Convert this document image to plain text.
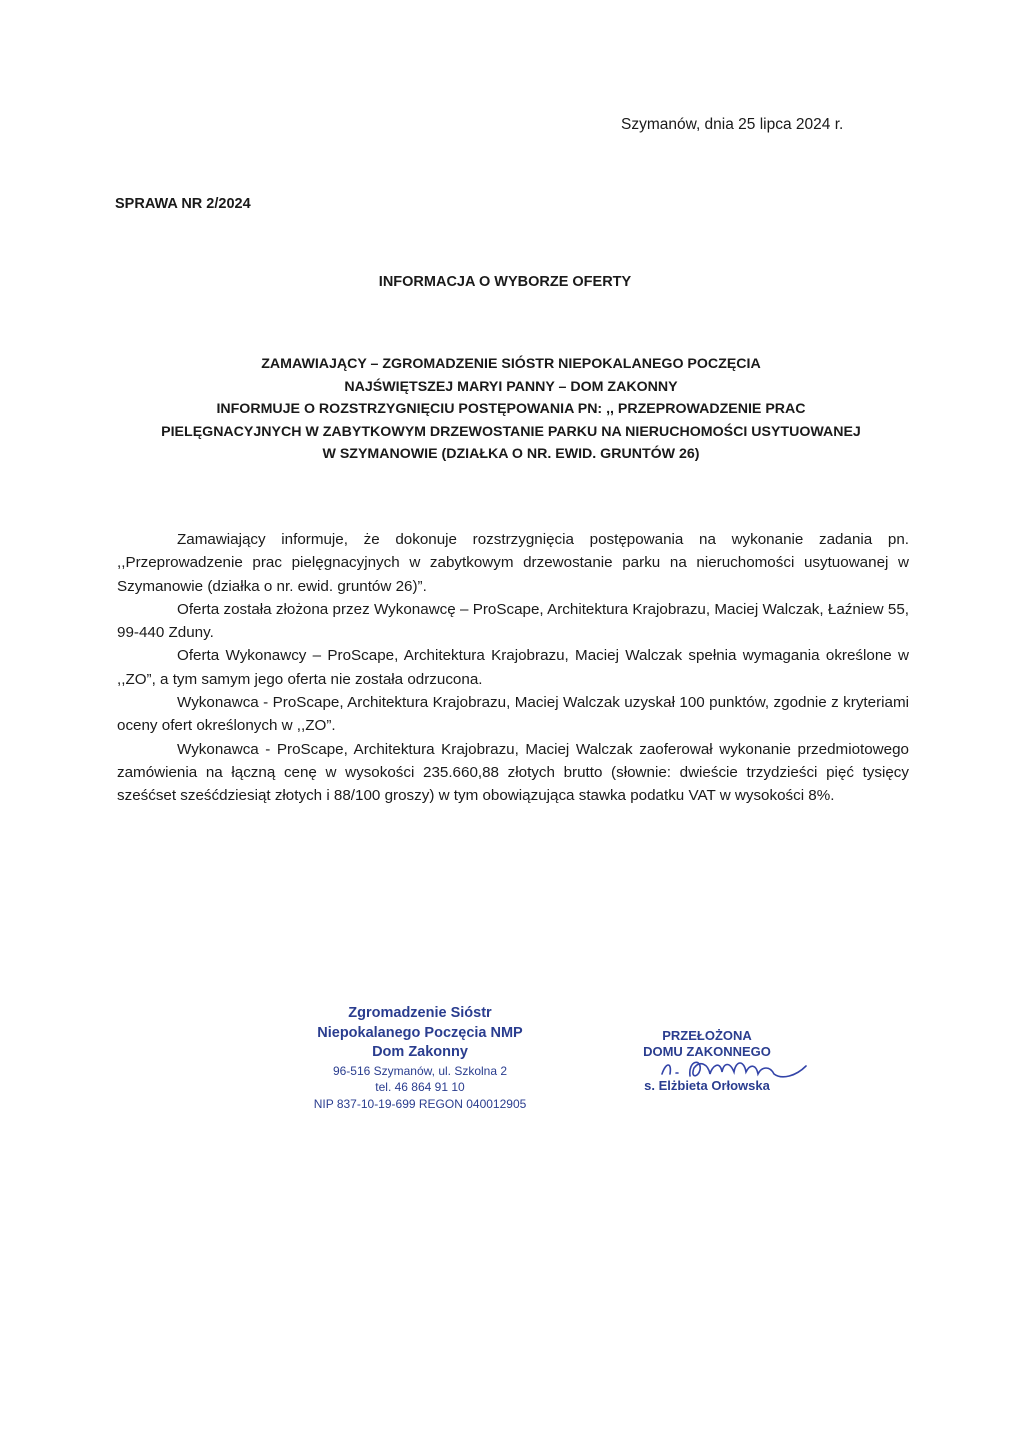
Szymanów, dnia 25 lipca 2024 r.
SPRAWA NR 2/2024
INFORMACJA O WYBORZE OFERTY
ZAMAWIAJĄCY – ZGROMADZENIE SIÓSTR NIEPOKALANEGO POCZĘCIA
NAJŚWIĘTSZEJ MARYI PANNY – DOM ZAKONNY
INFORMUJE O ROZSTRZYGNIĘCIU POSTĘPOWANIA PN: ,, PRZEPROWADZENIE PRAC
PIELĘGNACYJNYCH W ZABYTKOWYM DRZEWOSTANIE PARKU NA NIERUCHOMOŚCI USYTUOWANEJ
W SZYMANOWIE (DZIAŁKA O NR. EWID. GRUNTÓW 26)

Zamawiający informuje, że dokonuje rozstrzygnięcia postępowania na wykonanie zadania pn. ,,Przeprowadzenie prac pielęgnacyjnych w zabytkowym drzewostanie parku na nieruchomości usytuowanej w Szymanowie (działka o nr. ewid. gruntów 26)”.

Oferta została złożona przez Wykonawcę – ProScape, Architektura Krajobrazu, Maciej Walczak, Łaźniew 55, 99-440 Zduny.

Oferta Wykonawcy – ProScape, Architektura Krajobrazu, Maciej Walczak spełnia wymagania określone w ,,ZO”, a tym samym jego oferta nie została odrzucona.

Wykonawca - ProScape, Architektura Krajobrazu, Maciej Walczak uzyskał 100 punktów, zgodnie z kryteriami oceny ofert określonych w ,,ZO”.

Wykonawca - ProScape, Architektura Krajobrazu, Maciej Walczak zaoferował wykonanie przedmiotowego zamówienia na łączną cenę w wysokości 235.660,88 złotych brutto (słownie: dwieście trzydzieści pięć tysięcy sześćset sześćdziesiąt złotych i 88/100 groszy) w tym obowiązująca stawka podatku VAT w wysokości 8%.

Zgromadzenie Sióstr
Niepokalanego Poczęcia NMP
Dom Zakonny
96-516 Szymanów, ul. Szkolna 2
tel. 46 864 91 10
NIP 837-10-19-699 REGON 040012905
PRZEŁOŻONA
DOMU ZAKONNEGO
s. Elżbieta Orłowska
